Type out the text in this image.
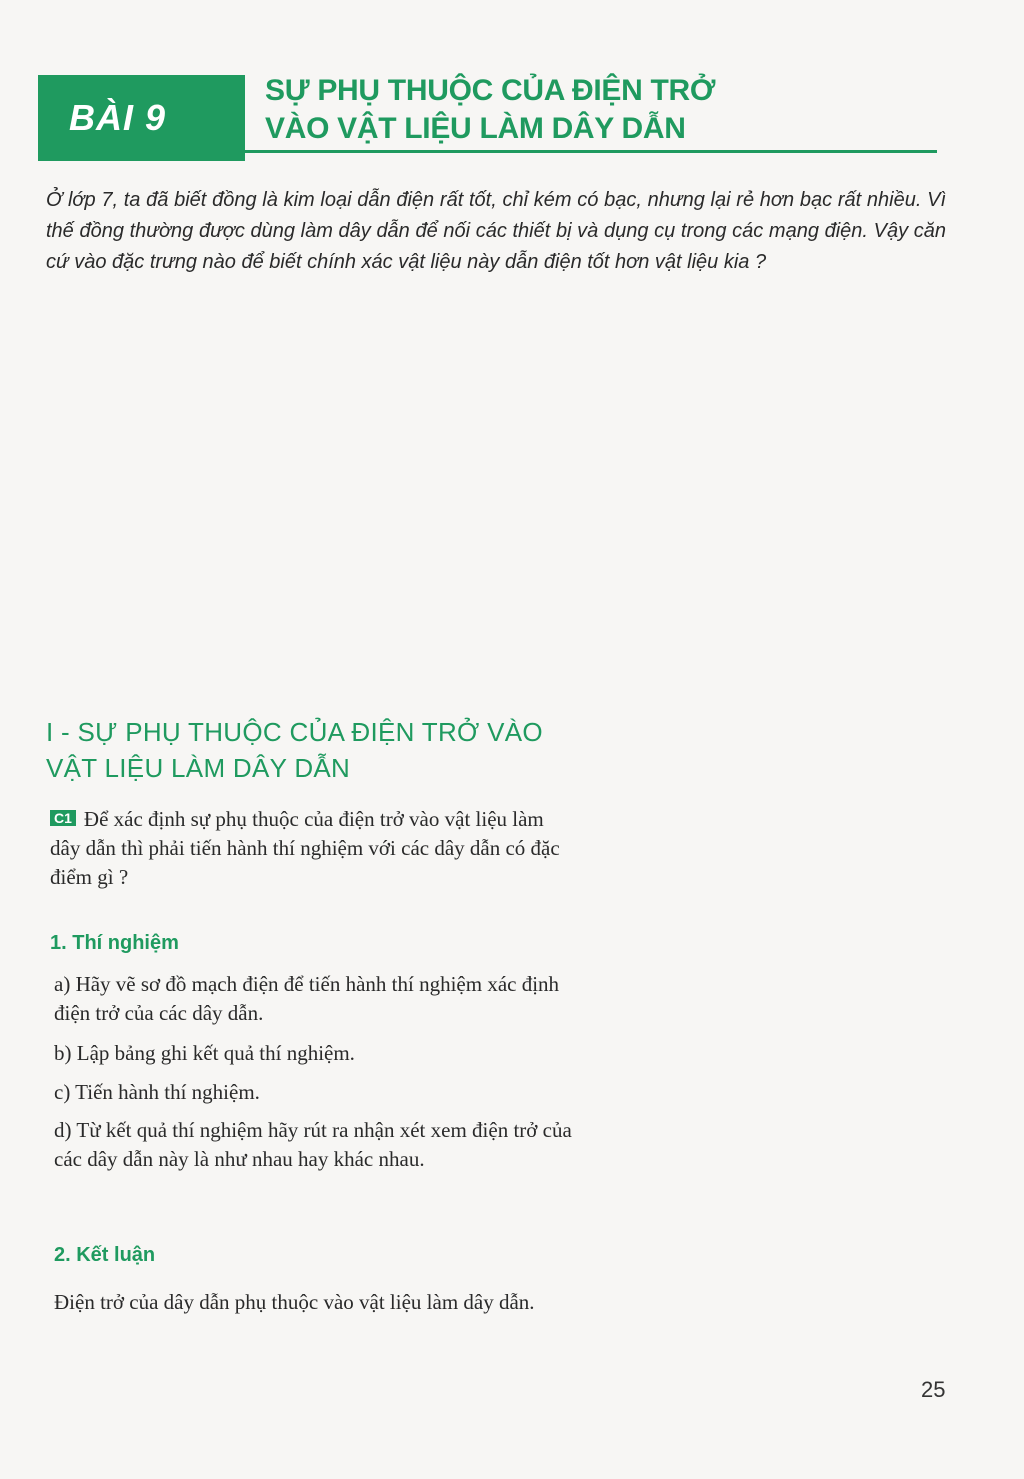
BÀI 9
SỰ PHỤ THUỘC CỦA ĐIỆN TRỞ
VÀO VẬT LIỆU LÀM DÂY DẪN

Ở lớp 7, ta đã biết đồng là kim loại dẫn điện rất tốt, chỉ kém có bạc, nhưng lại rẻ hơn bạc rất nhiều. Vì thế đồng thường được dùng làm dây dẫn để nối các thiết bị và dụng cụ trong các mạng điện. Vậy căn cứ vào đặc trưng nào để biết chính xác vật liệu này dẫn điện tốt hơn vật liệu kia ?

I - SỰ PHỤ THUỘC CỦA ĐIỆN TRỞ VÀO
VẬT LIỆU LÀM DÂY DẪN
C1 Để xác định sự phụ thuộc của điện trở vào vật liệu làm dây dẫn thì phải tiến hành thí nghiệm với các dây dẫn có đặc điểm gì ?
1. Thí nghiệm
a) Hãy vẽ sơ đồ mạch điện để tiến hành thí nghiệm xác định điện trở của các dây dẫn.
b) Lập bảng ghi kết quả thí nghiệm.
c) Tiến hành thí nghiệm.
d) Từ kết quả thí nghiệm hãy rút ra nhận xét xem điện trở của các dây dẫn này là như nhau hay khác nhau.
2. Kết luận
Điện trở của dây dẫn phụ thuộc vào vật liệu làm dây dẫn.
25
